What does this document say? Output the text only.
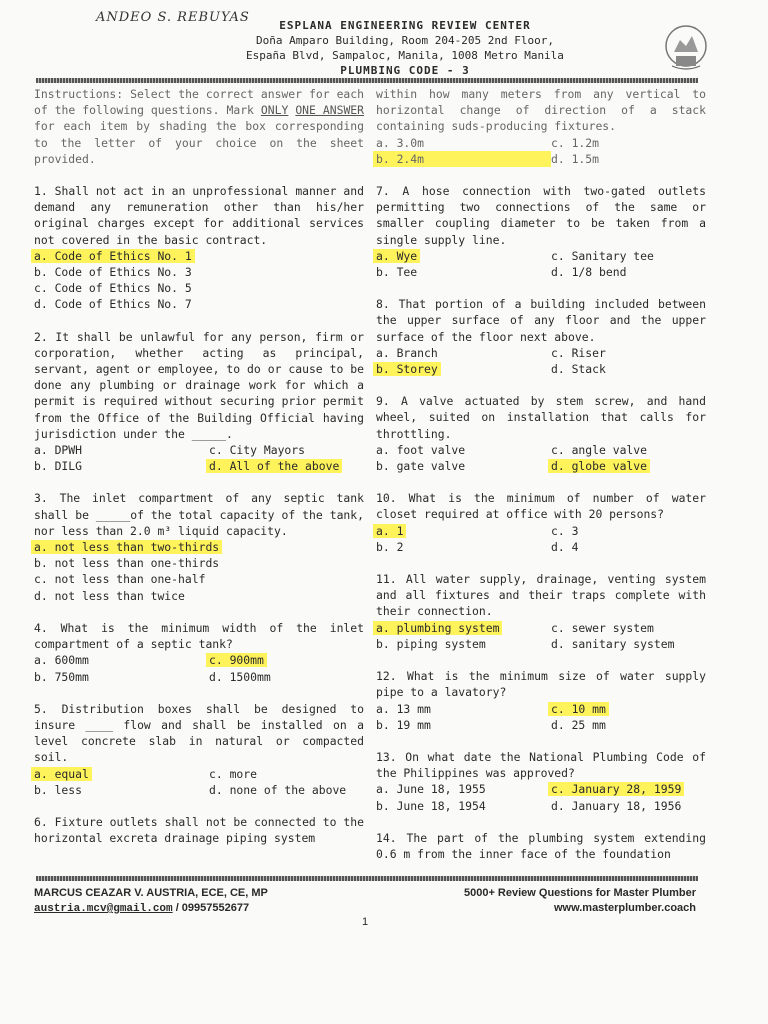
ANDEO S. REBUYAS
ESPLANA ENGINEERING REVIEW CENTER
Doña Amparo Building, Room 204-205 2nd Floor,
España Blvd, Sampaloc, Manila, 1008 Metro Manila
PLUMBING CODE - 3
Instructions: Select the correct answer for each of the following questions. Mark ONLY ONE ANSWER for each item by shading the box corresponding to the letter of your choice on the sheet provided.
1. Shall not act in an unprofessional manner and demand any remuneration other than his/her original charges except for additional services not covered in the basic contract.
a. Code of Ethics No. 1
b. Code of Ethics No. 3
c. Code of Ethics No. 5
d. Code of Ethics No. 7
2. It shall be unlawful for any person, firm or corporation, whether acting as principal, servant, agent or employee, to do or cause to be done any plumbing or drainage work for which a permit is required without securing prior permit from the Office of the Building Official having jurisdiction under the _____.
a. DPWH	c. City Mayors
b. DILG	d. All of the above
3. The inlet compartment of any septic tank shall be _____of the total capacity of the tank, nor less than 2.0 m³ liquid capacity.
a. not less than two-thirds
b. not less than one-thirds
c. not less than one-half
d. not less than twice
4. What is the minimum width of the inlet compartment of a septic tank?
a. 600mm	c. 900mm
b. 750mm	d. 1500mm
5. Distribution boxes shall be designed to insure ____ flow and shall be installed on a level concrete slab in natural or compacted soil.
a. equal	c. more
b. less	d. none of the above
6. Fixture outlets shall not be connected to the horizontal excreta drainage piping system
within how many meters from any vertical to horizontal change of direction of a stack containing suds-producing fixtures.
a. 3.0m	c. 1.2m
b. 2.4m	d. 1.5m
7. A hose connection with two-gated outlets permitting two connections of the same or smaller coupling diameter to be taken from a single supply line.
a. Wye	c. Sanitary tee
b. Tee	d. 1/8 bend
8. That portion of a building included between the upper surface of any floor and the upper surface of the floor next above.
a. Branch	c. Riser
b. Storey	d. Stack
9. A valve actuated by stem screw, and hand wheel, suited on installation that calls for throttling.
a. foot valve	c. angle valve
b. gate valve	d. globe valve
10. What is the minimum of number of water closet required at office with 20 persons?
a. 1	c. 3
b. 2	d. 4
11. All water supply, drainage, venting system and all fixtures and their traps complete with their connection.
a. plumbing system	c. sewer system
b. piping system	d. sanitary system
12. What is the minimum size of water supply pipe to a lavatory?
a. 13 mm	c. 10 mm
b. 19 mm	d. 25 mm
13. On what date the National Plumbing Code of the Philippines was approved?
a. June 18, 1955	c. January 28, 1959
b. June 18, 1954	d. January 18, 1956
14. The part of the plumbing system extending 0.6 m from the inner face of the foundation
MARCUS CEAZAR V. AUSTRIA, ECE, CE, MP
austria.mcv@gmail.com / 09957552677
5000+ Review Questions for Master Plumber
www.masterplumber.coach
1
